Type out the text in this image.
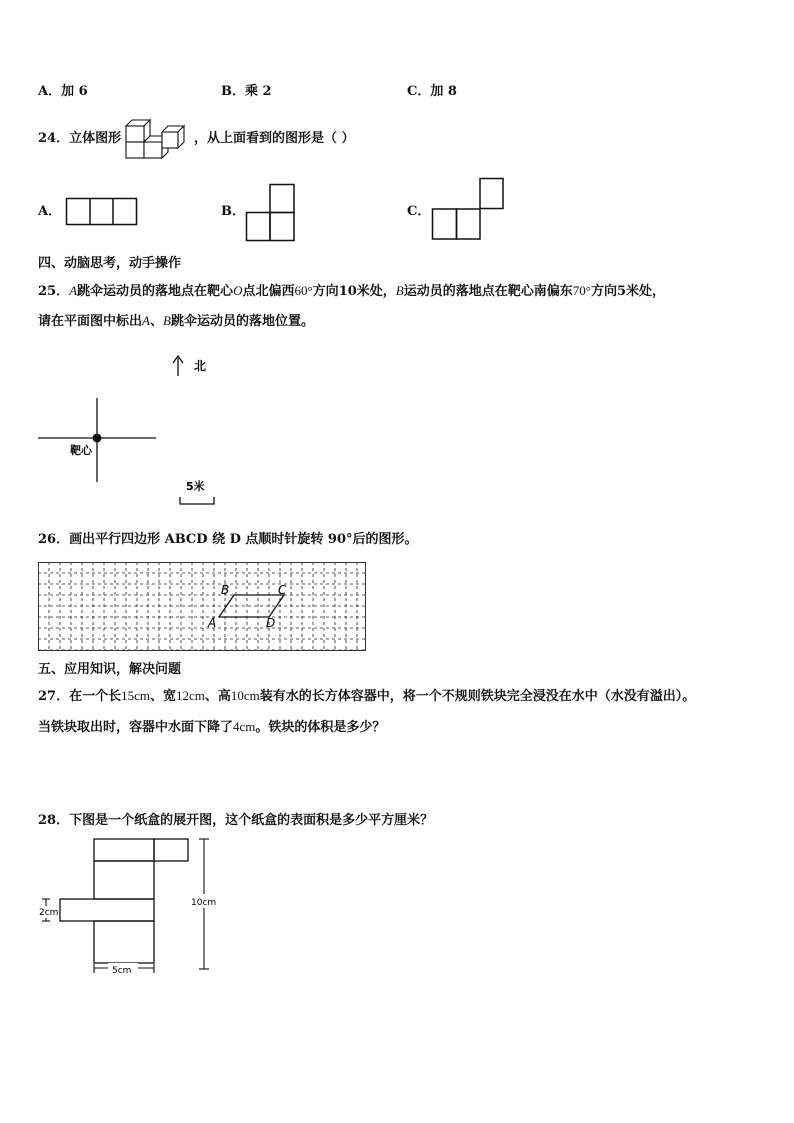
A．加 6	B．乘 2	C．加 8
24．立体图形	，从上面看到的图形是（ ）
A．	B．	C．
四、动脑思考，动手操作
25．A跳伞运动员的落地点在靶心O点北偏西60°方向10米处，B运动员的落地点在靶心南偏东70°方向5米处，
请在平面图中标出A、B跳伞运动员的落地位置。
北
靶心
5米
26．画出平行四边形 ABCD 绕 D 点顺时针旋转 90°后的图形。
A
B	C
D
五、应用知识，解决问题
27．在一个长15cm、宽12cm、高10cm装有水的长方体容器中，将一个不规则铁块完全浸没在水中（水没有溢出）。
当铁块取出时，容器中水面下降了4cm。铁块的体积是多少？
28．下图是一个纸盒的展开图，这个纸盒的表面积是多少平方厘米？
10cm
2cm
5cm
